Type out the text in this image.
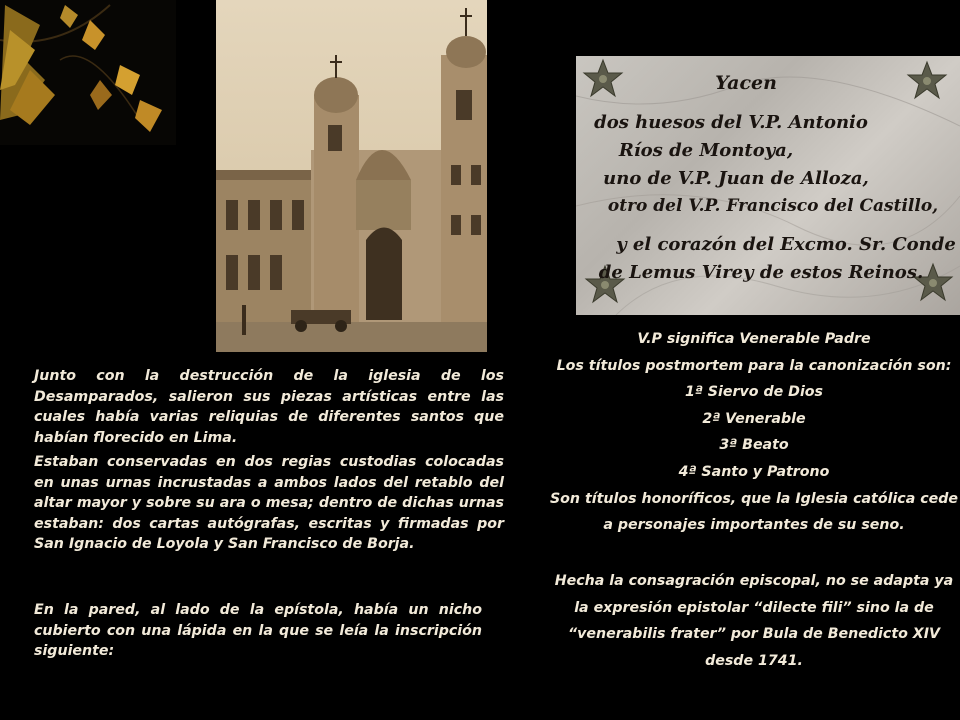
Yacen
dos huesos del V.P. Antonio
Ríos de Montoya,
uno de V.P. Juan de Alloza,
otro del V.P. Francisco del Castillo,
y el corazón del Excmo. Sr. Conde
de Lemus Virey de estos Reinos.
Junto con la destrucción de la iglesia de los Desamparados, salieron sus piezas artísticas entre las cuales había varias reliquias de diferentes santos que habían florecido en Lima.
Estaban conservadas en dos regias custodias colocadas en unas urnas incrustadas a ambos lados del retablo del altar mayor y sobre su ara o mesa; dentro de dichas urnas estaban: dos cartas autógrafas, escritas y firmadas por San Ignacio de Loyola y San Francisco de Borja.
En la pared, al lado de la epístola, había un nicho cubierto con una lápida en la que se leía la inscripción siguiente:
V.P significa Venerable Padre
Los títulos postmortem para la canonización son:
1ª Siervo de Dios
2ª Venerable
3ª Beato
4ª Santo y Patrono
Son títulos honoríficos, que la Iglesia católica cede
a personajes importantes de su seno.
Hecha la consagración episcopal, no se adapta ya
la expresión epistolar “dilecte fili” sino la de
“venerabilis frater” por Bula de Benedicto XIV
desde 1741.
